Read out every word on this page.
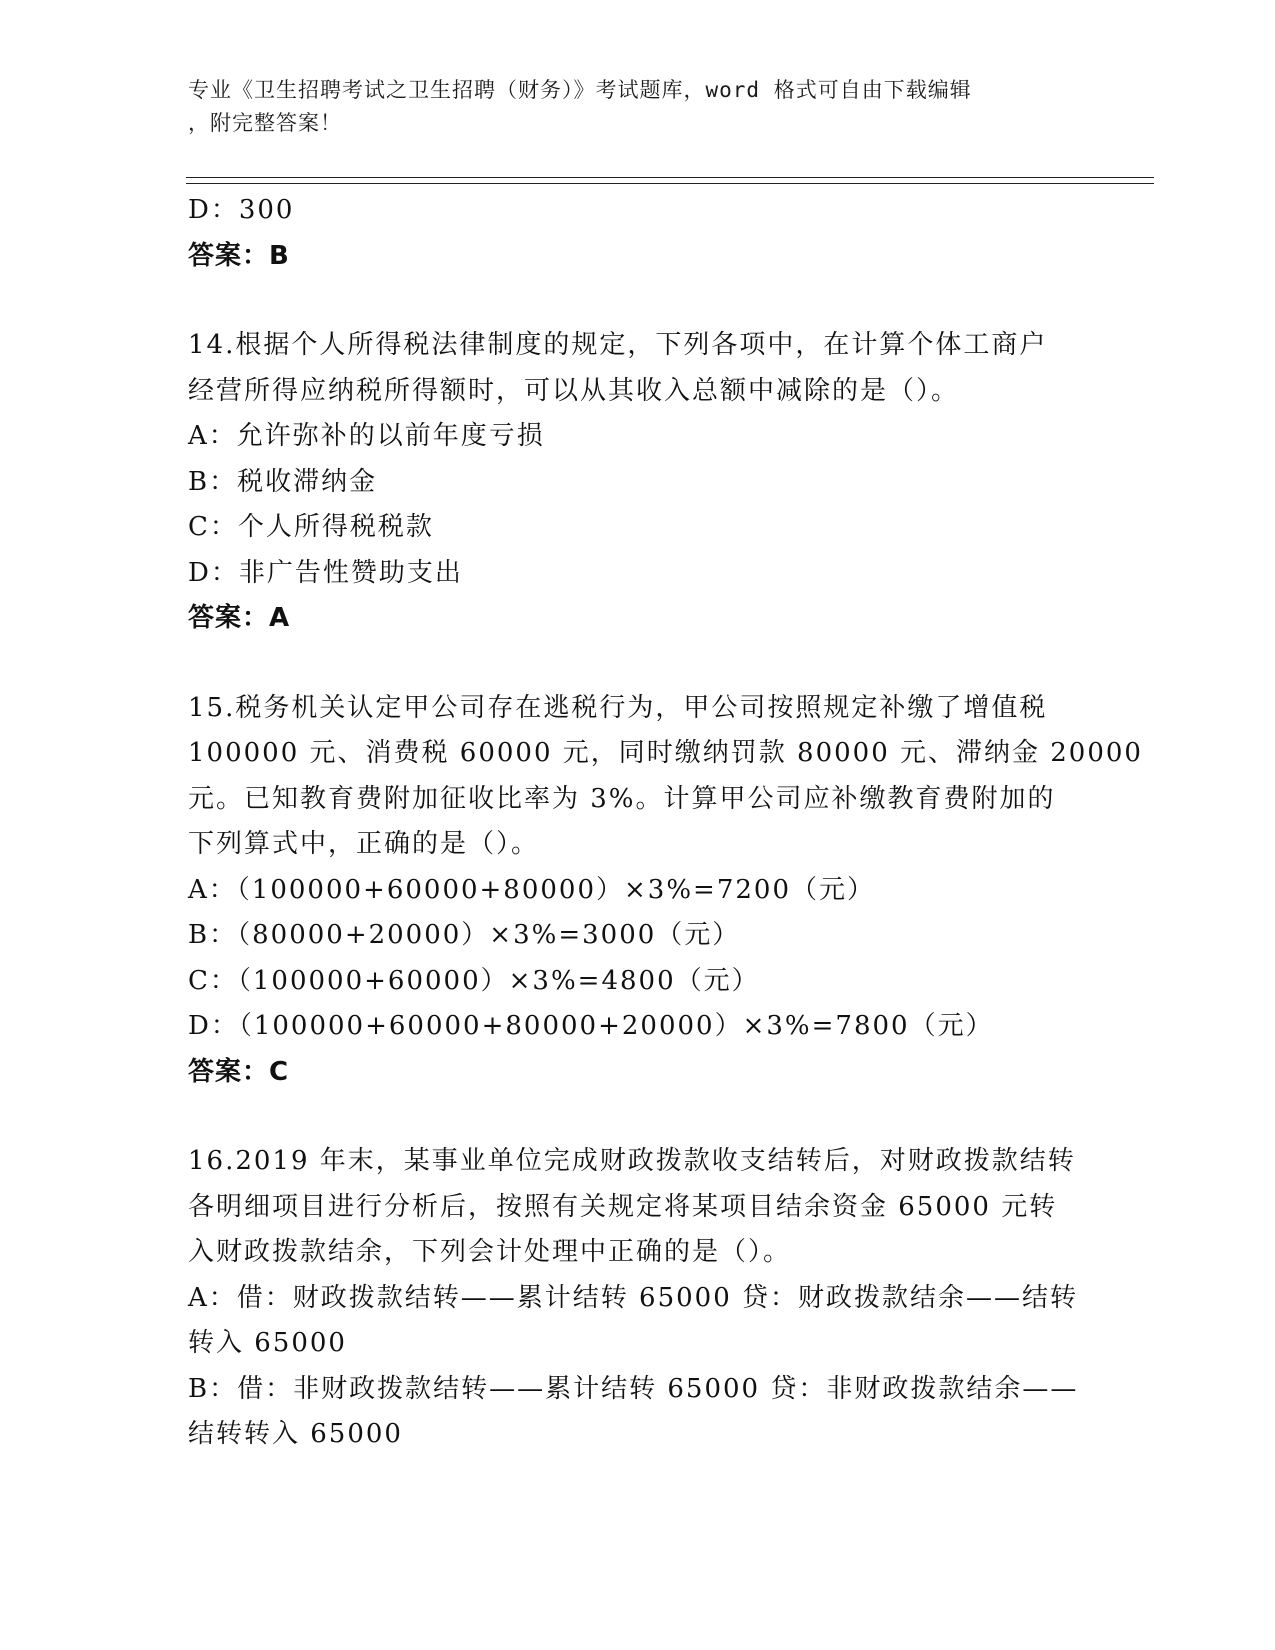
专业《卫生招聘考试之卫生招聘（财务）》考试题库，word 格式可自由下载编辑
，附完整答案！
D：300
答案：B
14.根据个人所得税法律制度的规定，下列各项中，在计算个体工商户
经营所得应纳税所得额时，可以从其收入总额中减除的是（）。
A：允许弥补的以前年度亏损
B：税收滞纳金
C：个人所得税税款
D：非广告性赞助支出
答案：A
15.税务机关认定甲公司存在逃税行为，甲公司按照规定补缴了增值税
100000 元、消费税 60000 元，同时缴纳罚款 80000 元、滞纳金 20000
元。已知教育费附加征收比率为 3%。计算甲公司应补缴教育费附加的
下列算式中，正确的是（）。
A：（100000+60000+80000）×3%=7200（元）
B：（80000+20000）×3%=3000（元）
C：（100000+60000）×3%=4800（元）
D：（100000+60000+80000+20000）×3%=7800（元）
答案：C
16.2019 年末，某事业单位完成财政拨款收支结转后，对财政拨款结转
各明细项目进行分析后，按照有关规定将某项目结余资金 65000 元转
入财政拨款结余，下列会计处理中正确的是（）。
A：借：财政拨款结转——累计结转 65000 贷：财政拨款结余——结转
转入 65000
B：借：非财政拨款结转——累计结转 65000 贷：非财政拨款结余——
结转转入 65000
